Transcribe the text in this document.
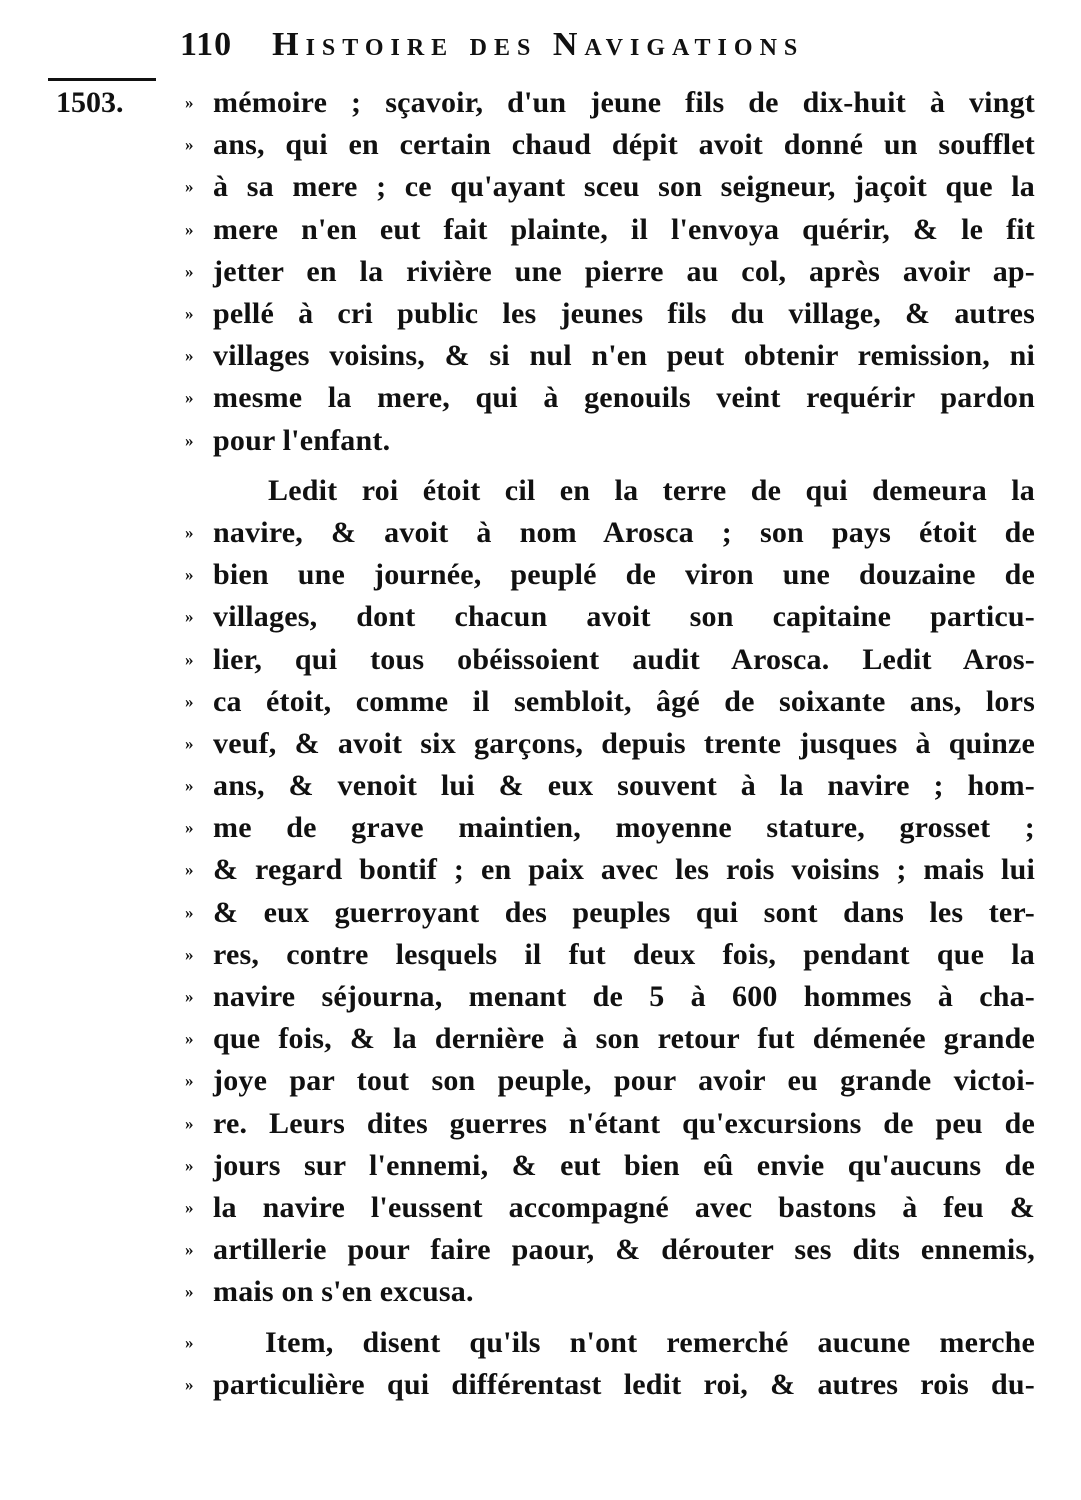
110 Histoire des Navigations
1503.	» mémoire ; sçavoir, d'un jeune fils de dix-huit à vingt
» ans, qui en certain chaud dépit avoit donné un soufflet
» à sa mere ; ce qu'ayant sceu son seigneur, jaçoit que la
» mere n'en eut fait plainte, il l'envoya quérir, & le fit
» jetter en la rivière une pierre au col, après avoir ap-
» pellé à cri public les jeunes fils du village, & autres
» villages voisins, & si nul n'en peut obtenir remission, ni
» mesme la mere, qui à genouils veint requérir pardon
» pour l'enfant.
Ledit roi étoit cil en la terre de qui demeura la
» navire, & avoit à nom Arosca ; son pays étoit de
» bien une journée, peuplé de viron une douzaine de
» villages, dont chacun avoit son capitaine particu-
» lier, qui tous obéissoient audit Arosca. Ledit Aros-
» ca étoit, comme il sembloit, âgé de soixante ans, lors
» veuf, & avoit six garçons, depuis trente jusques à quinze
» ans, & venoit lui & eux souvent à la navire ; hom-
» me de grave maintien, moyenne stature, grosset ;
» & regard bontif ; en paix avec les rois voisins ; mais lui
» & eux guerroyant des peuples qui sont dans les ter-
» res, contre lesquels il fut deux fois, pendant que la
» navire séjourna, menant de 5 à 600 hommes à cha-
» que fois, & la dernière à son retour fut démenée grande
» joye par tout son peuple, pour avoir eu grande victoi-
» re. Leurs dites guerres n'étant qu'excursions de peu de
» jours sur l'ennemi, & eut bien eû envie qu'aucuns de
» la navire l'eussent accompagné avec bastons à feu &
» artillerie pour faire paour, & dérouter ses dits ennemis,
» mais on s'en excusa.
»	Item, disent qu'ils n'ont remerché aucune merche
» particulière qui différentast ledit roi, & autres rois du-
